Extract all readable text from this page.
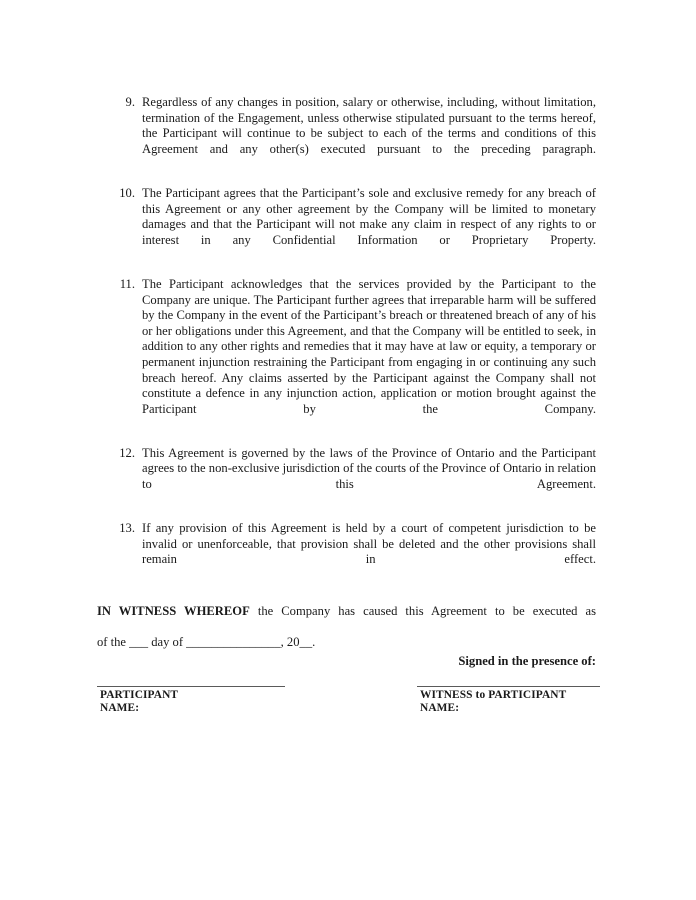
9. Regardless of any changes in position, salary or otherwise, including, without limitation, termination of the Engagement, unless otherwise stipulated pursuant to the terms hereof, the Participant will continue to be subject to each of the terms and conditions of this Agreement and any other(s) executed pursuant to the preceding paragraph.
10. The Participant agrees that the Participant’s sole and exclusive remedy for any breach of this Agreement or any other agreement by the Company will be limited to monetary damages and that the Participant will not make any claim in respect of any rights to or interest in any Confidential Information or Proprietary Property.
11. The Participant acknowledges that the services provided by the Participant to the Company are unique. The Participant further agrees that irreparable harm will be suffered by the Company in the event of the Participant’s breach or threatened breach of any of his or her obligations under this Agreement, and that the Company will be entitled to seek, in addition to any other rights and remedies that it may have at law or equity, a temporary or permanent injunction restraining the Participant from engaging in or continuing any such breach hereof. Any claims asserted by the Participant against the Company shall not constitute a defence in any injunction action, application or motion brought against the Participant by the Company.
12. This Agreement is governed by the laws of the Province of Ontario and the Participant agrees to the non-exclusive jurisdiction of the courts of the Province of Ontario in relation to this Agreement.
13. If any provision of this Agreement is held by a court of competent jurisdiction to be invalid or unenforceable, that provision shall be deleted and the other provisions shall remain in effect.
IN WITNESS WHEREOF the Company has caused this Agreement to be executed as
of the ___ day of _______________, 20__.
Signed in the presence of:
PARTICIPANT
NAME:
WITNESS to PARTICIPANT
NAME:
